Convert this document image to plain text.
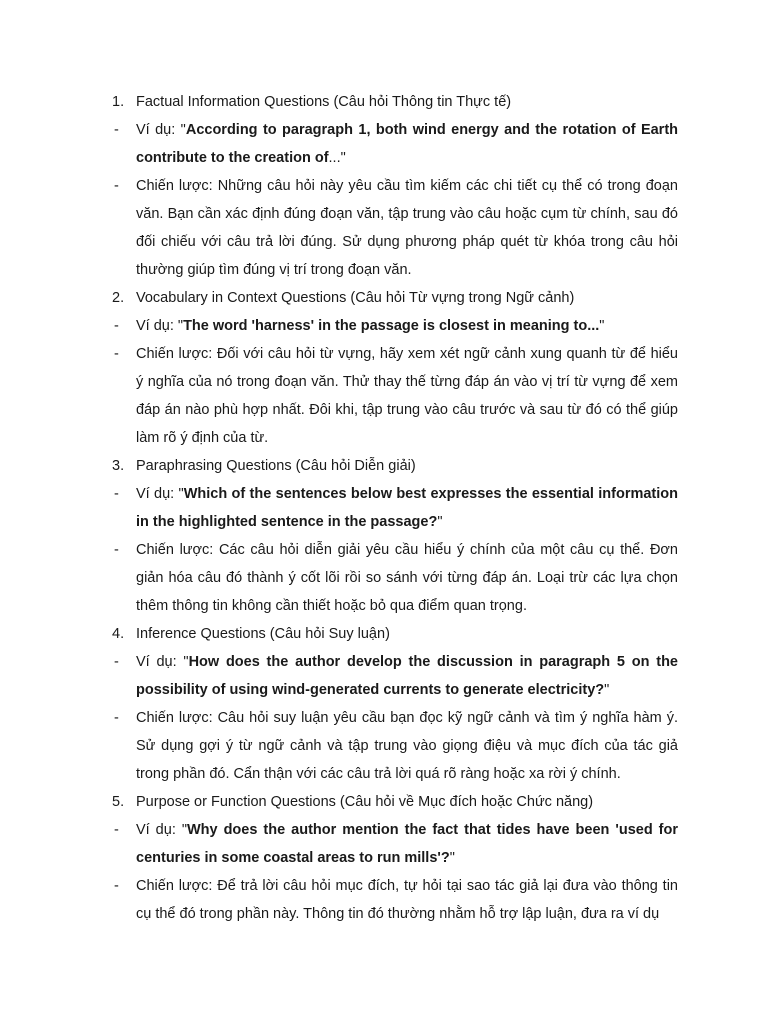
1. Factual Information Questions (Câu hỏi Thông tin Thực tế)
- Ví dụ: "According to paragraph 1, both wind energy and the rotation of Earth contribute to the creation of..."
- Chiến lược: Những câu hỏi này yêu cầu tìm kiếm các chi tiết cụ thể có trong đoạn văn. Bạn cần xác định đúng đoạn văn, tập trung vào câu hoặc cụm từ chính, sau đó đối chiếu với câu trả lời đúng. Sử dụng phương pháp quét từ khóa trong câu hỏi thường giúp tìm đúng vị trí trong đoạn văn.
2. Vocabulary in Context Questions (Câu hỏi Từ vựng trong Ngữ cảnh)
- Ví dụ: "The word 'harness' in the passage is closest in meaning to..."
- Chiến lược: Đối với câu hỏi từ vựng, hãy xem xét ngữ cảnh xung quanh từ để hiểu ý nghĩa của nó trong đoạn văn. Thử thay thế từng đáp án vào vị trí từ vựng để xem đáp án nào phù hợp nhất. Đôi khi, tập trung vào câu trước và sau từ đó có thể giúp làm rõ ý định của từ.
3. Paraphrasing Questions (Câu hỏi Diễn giải)
- Ví dụ: "Which of the sentences below best expresses the essential information in the highlighted sentence in the passage?"
- Chiến lược: Các câu hỏi diễn giải yêu cầu hiểu ý chính của một câu cụ thể. Đơn giản hóa câu đó thành ý cốt lõi rồi so sánh với từng đáp án. Loại trừ các lựa chọn thêm thông tin không cần thiết hoặc bỏ qua điểm quan trọng.
4. Inference Questions (Câu hỏi Suy luận)
- Ví dụ: "How does the author develop the discussion in paragraph 5 on the possibility of using wind-generated currents to generate electricity?"
- Chiến lược: Câu hỏi suy luận yêu cầu bạn đọc kỹ ngữ cảnh và tìm ý nghĩa hàm ý. Sử dụng gợi ý từ ngữ cảnh và tập trung vào giọng điệu và mục đích của tác giả trong phần đó. Cẩn thận với các câu trả lời quá rõ ràng hoặc xa rời ý chính.
5. Purpose or Function Questions (Câu hỏi về Mục đích hoặc Chức năng)
- Ví dụ: "Why does the author mention the fact that tides have been 'used for centuries in some coastal areas to run mills'?"
- Chiến lược: Để trả lời câu hỏi mục đích, tự hỏi tại sao tác giả lại đưa vào thông tin cụ thể đó trong phần này. Thông tin đó thường nhằm hỗ trợ lập luận, đưa ra ví dụ
